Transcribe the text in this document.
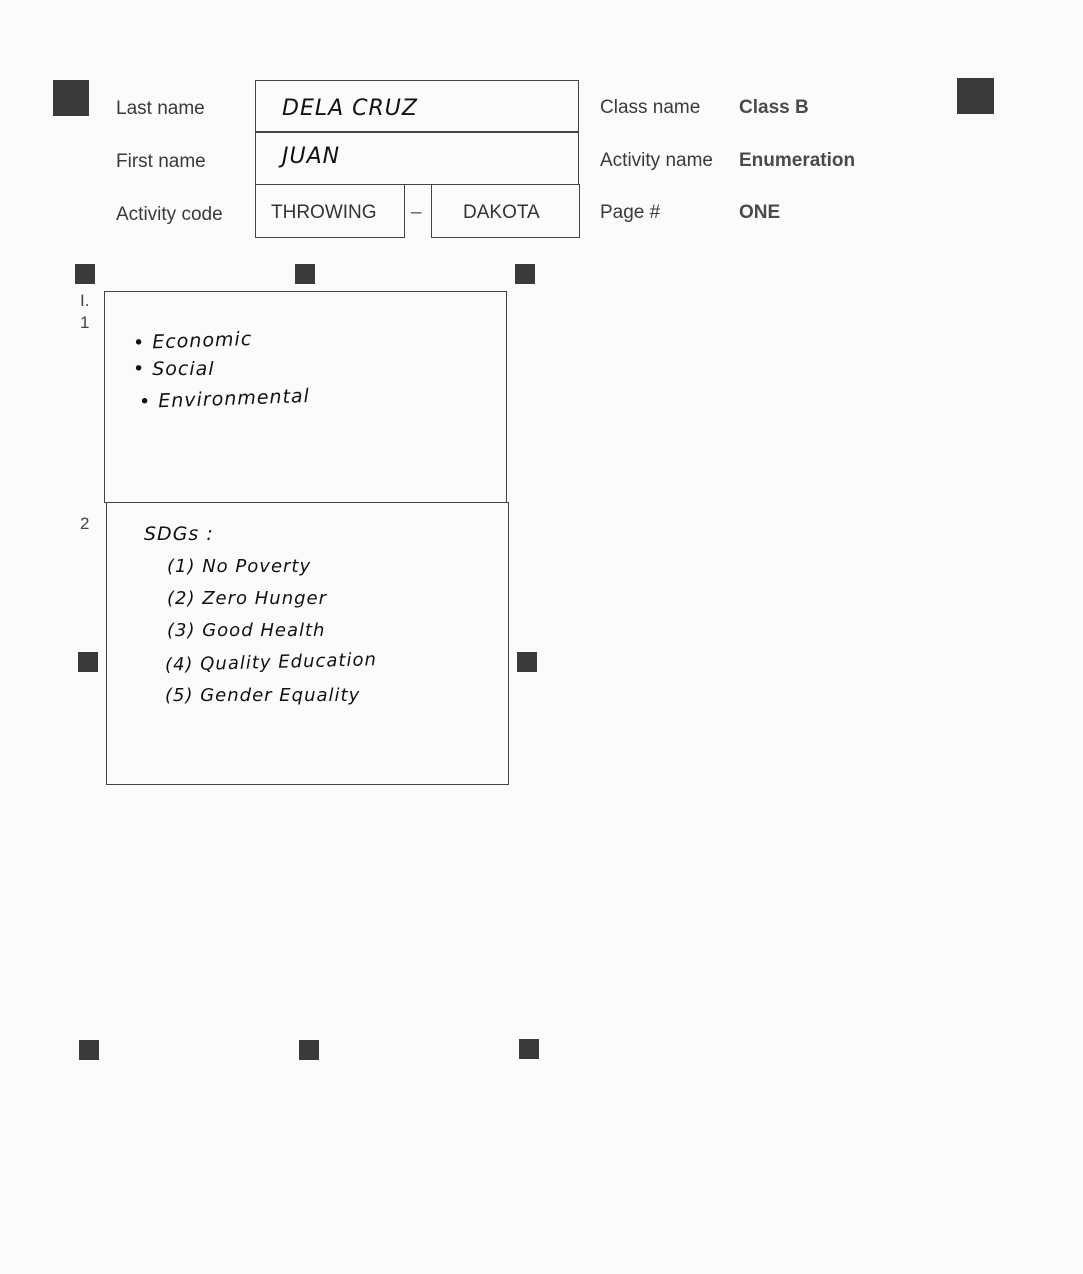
Last name
First name
Activity code
DELA CRUZ
JUAN
THROWING – DAKOTA
Class name Class B
Activity name Enumeration
Page #	ONE
I.
1
2
• Economic
• Social
• Environmental
SDGs :
(1) No Poverty
(2) Zero Hunger
(3) Good Health
(4) Quality Education
(5) Gender Equality
